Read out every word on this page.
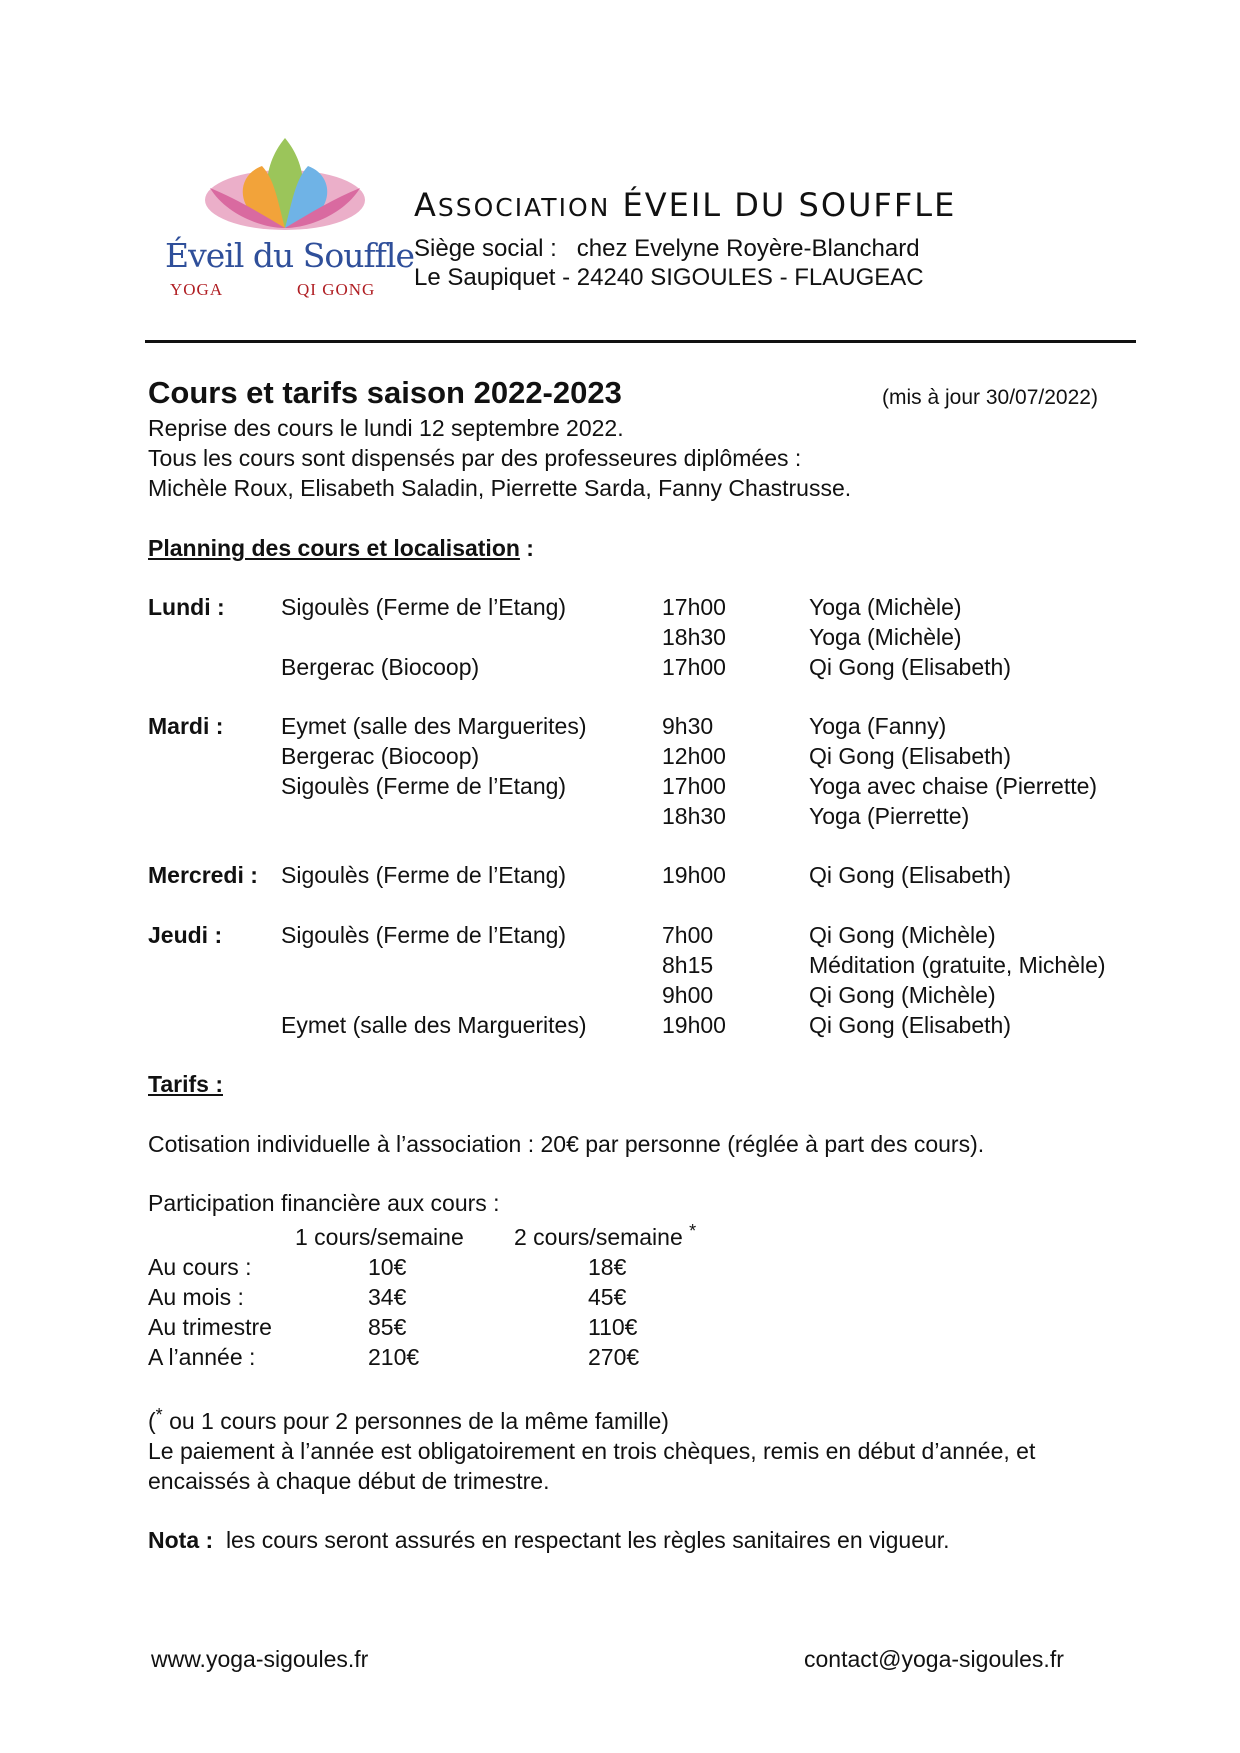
Éveil du Souffle
YOGA	QI GONG
ASSOCIATION ÉVEIL DU SOUFFLE
Siège social :   chez Evelyne Royère-Blanchard
Le Saupiquet - 24240 SIGOULES - FLAUGEAC
Cours et tarifs saison 2022-2023	(mis à jour 30/07/2022)
Reprise des cours le lundi 12 septembre 2022.
Tous les cours sont dispensés par des professeures diplômées :
Michèle Roux, Elisabeth Saladin, Pierrette Sarda, Fanny Chastrusse.
Planning des cours et localisation :
Lundi : Sigoulès (Ferme de l’Etang)	17h00	Yoga (Michèle)
18h30	Yoga (Michèle)
Bergerac (Biocoop)	17h00	Qi Gong (Elisabeth)
Mardi :	Eymet (salle des Marguerites)	9h30	Yoga (Fanny)
Bergerac (Biocoop)	12h00	Qi Gong (Elisabeth)
Sigoulès (Ferme de l’Etang)	17h00	Yoga avec chaise (Pierrette)
18h30	Yoga (Pierrette)
Mercredi : Sigoulès (Ferme de l’Etang)	19h00	Qi Gong (Elisabeth)
Jeudi :	Sigoulès (Ferme de l’Etang)	7h00	Qi Gong (Michèle)
8h15	Méditation (gratuite, Michèle)
9h00	Qi Gong (Michèle)
Eymet (salle des Marguerites)	19h00	Qi Gong (Elisabeth)
Tarifs :
Cotisation individuelle à l’association : 20€ par personne (réglée à part des cours).
Participation financière aux cours :
1 cours/semaine 2 cours/semaine *
Au cours :	10€	18€
Au mois :	34€	45€
Au trimestre	85€	110€
A l’année :	210€	270€
(* ou 1 cours pour 2 personnes de la même famille)
Le paiement à l’année est obligatoirement en trois chèques, remis en début d’année, et
encaissés à chaque début de trimestre.
Nota :  les cours seront assurés en respectant les règles sanitaires en vigueur.
www.yoga-sigoules.fr	contact@yoga-sigoules.fr
